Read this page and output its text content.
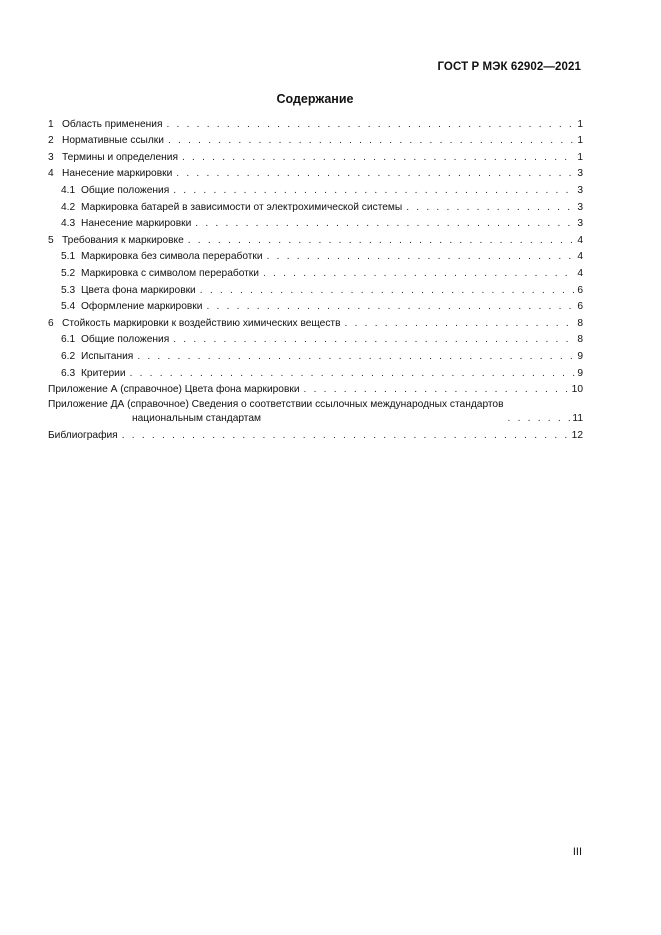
ГОСТ Р МЭК 62902—2021
Содержание
1 Область применения . . .	1
2 Нормативные ссылки . . .	1
3 Термины и определения . . .	1
4 Нанесение маркировки . . .	3
4.1 Общие положения . . .	3
4.2 Маркировка батарей в зависимости от электрохимической системы . . .	3
4.3 Нанесение маркировки . . .	3
5 Требования к маркировке . . .	4
5.1 Маркировка без символа переработки . . .	4
5.2 Маркировка с символом переработки . . .	4
5.3 Цвета фона маркировки . . .	6
5.4 Оформление маркировки . . .	6
6 Стойкость маркировки к воздействию химических веществ . . .	8
6.1 Общие положения . . .	8
6.2 Испытания . . .	9
6.3 Критерии . . .	9
Приложение А (справочное) Цвета фона маркировки . . .	10
Приложение ДА (справочное) Сведения о соответствии ссылочных международных стандартов
национальным стандартам . . .	11
Библиография . . .	12
III
